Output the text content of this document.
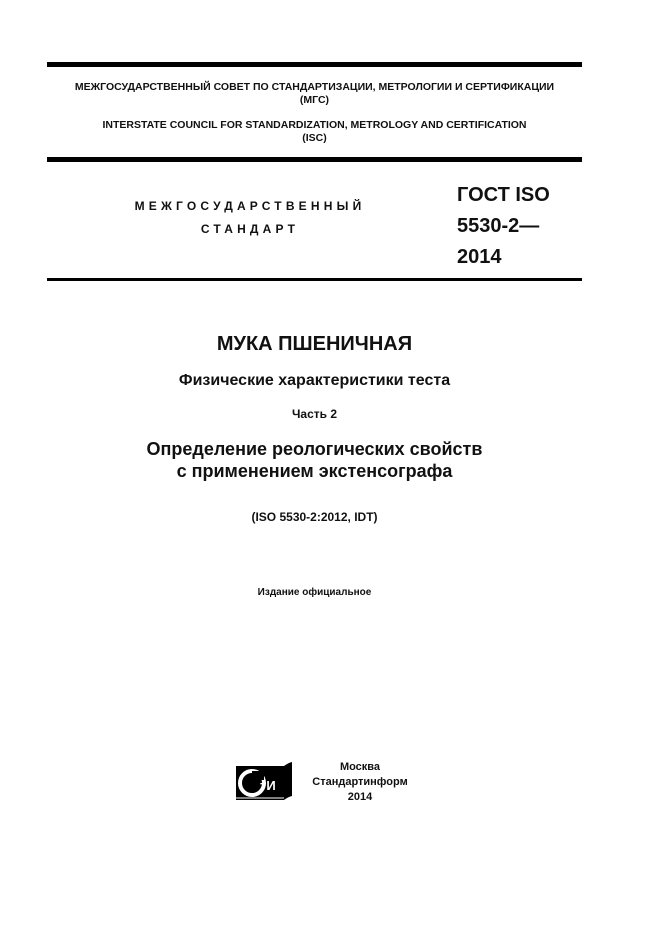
МЕЖГОСУДАРСТВЕННЫЙ СОВЕТ ПО СТАНДАРТИЗАЦИИ, МЕТРОЛОГИИ И СЕРТИФИКАЦИИ
(МГС)
INTERSTATE COUNCIL FOR STANDARDIZATION, METROLOGY AND CERTIFICATION
(ISC)
МЕЖГОСУДАРСТВЕННЫЙ
СТАНДАРТ
ГОСТ ISO
5530-2—
2014
МУКА ПШЕНИЧНАЯ
Физические характеристики теста
Часть 2
Определение реологических свойств
с применением экстенсографа
(ISO 5530-2:2012, IDT)
Издание официальное
тИ
Москва
Стандартинформ
2014
